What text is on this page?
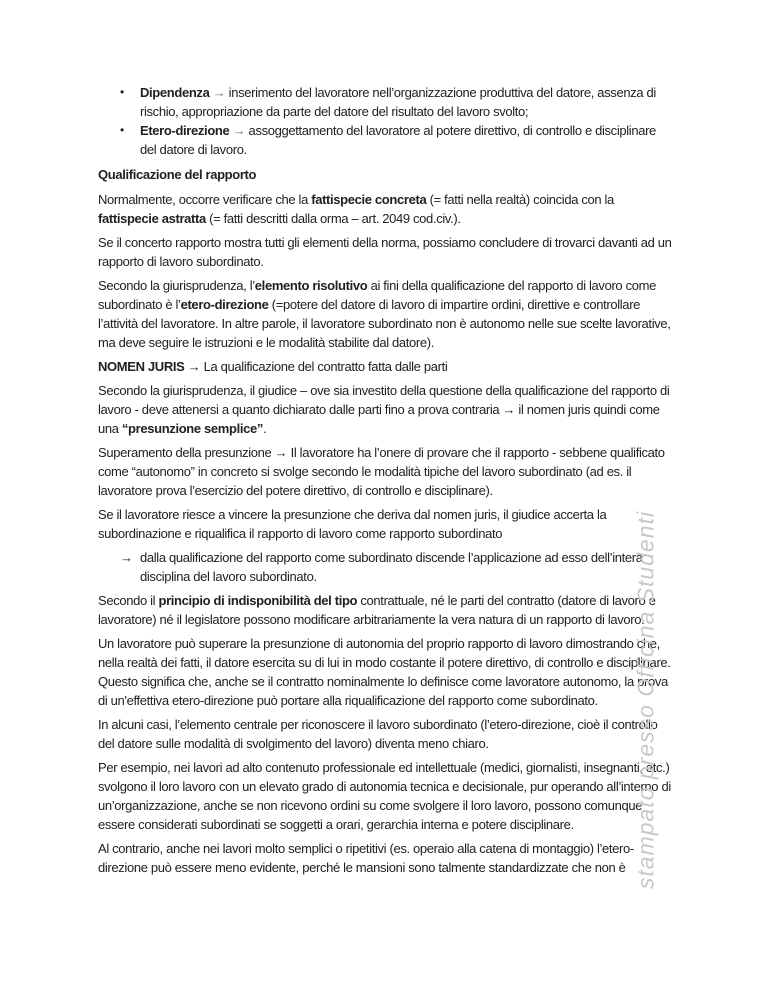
• Dipendenza → inserimento del lavoratore nell’organizzazione produttiva del datore, assenza di rischio, appropriazione da parte del datore del risultato del lavoro svolto;
• Etero-direzione → assoggettamento del lavoratore al potere direttivo, di controllo e disciplinare del datore di lavoro.
Qualificazione del rapporto
Normalmente, occorre verificare che la fattispecie concreta (= fatti nella realtà) coincida con la fattispecie astratta (= fatti descritti dalla orma – art. 2049 cod.civ.).
Se il concerto rapporto mostra tutti gli elementi della norma, possiamo concludere di trovarci davanti ad un rapporto di lavoro subordinato.
Secondo la giurisprudenza, l’elemento risolutivo ai fini della qualificazione del rapporto di lavoro come subordinato è l’etero-direzione (=potere del datore di lavoro di impartire ordini, direttive e controllare l’attività del lavoratore. In altre parole, il lavoratore subordinato non è autonomo nelle sue scelte lavorative, ma deve seguire le istruzioni e le modalità stabilite dal datore).
NOMEN JURIS → La qualificazione del contratto fatta dalle parti
Secondo la giurisprudenza, il giudice – ove sia investito della questione della qualificazione del rapporto di lavoro - deve attenersi a quanto dichiarato dalle parti fino a prova contraria → il nomen juris quindi come una “presunzione semplice”.
Superamento della presunzione → Il lavoratore ha l’onere di provare che il rapporto - sebbene qualificato come “autonomo” in concreto si svolge secondo le modalità tipiche del lavoro subordinato (ad es. il lavoratore prova l’esercizio del potere direttivo, di controllo e disciplinare).
Se il lavoratore riesce a vincere la presunzione che deriva dal nomen juris, il giudice accerta la subordinazione e riqualifica il rapporto di lavoro come rapporto subordinato
→ dalla qualificazione del rapporto come subordinato discende l’applicazione ad esso dell’intera disciplina del lavoro subordinato.
Secondo il principio di indisponibilità del tipo contrattuale, né le parti del contratto (datore di lavoro e lavoratore) né il legislatore possono modificare arbitrariamente la vera natura di un rapporto di lavoro.
Un lavoratore può superare la presunzione di autonomia del proprio rapporto di lavoro dimostrando che, nella realtà dei fatti, il datore esercita su di lui in modo costante il potere direttivo, di controllo e disciplinare. Questo significa che, anche se il contratto nominalmente lo definisce come lavoratore autonomo, la prova di un'effettiva etero-direzione può portare alla riqualificazione del rapporto come subordinato.
In alcuni casi, l’elemento centrale per riconoscere il lavoro subordinato (l’etero-direzione, cioè il controllo del datore sulle modalità di svolgimento del lavoro) diventa meno chiaro.
Per esempio, nei lavori ad alto contenuto professionale ed intellettuale (medici, giornalisti, insegnanti, etc.) svolgono il loro lavoro con un elevato grado di autonomia tecnica e decisionale, pur operando all’interno di un’organizzazione, anche se non ricevono ordini su come svolgere il loro lavoro, possono comunque essere considerati subordinati se soggetti a orari, gerarchia interna e potere disciplinare.
Al contrario, anche nei lavori molto semplici o ripetitivi (es. operaio alla catena di montaggio) l’etero-direzione può essere meno evidente, perché le mansioni sono talmente standardizzate che non è stampato presso Officina Studenti
